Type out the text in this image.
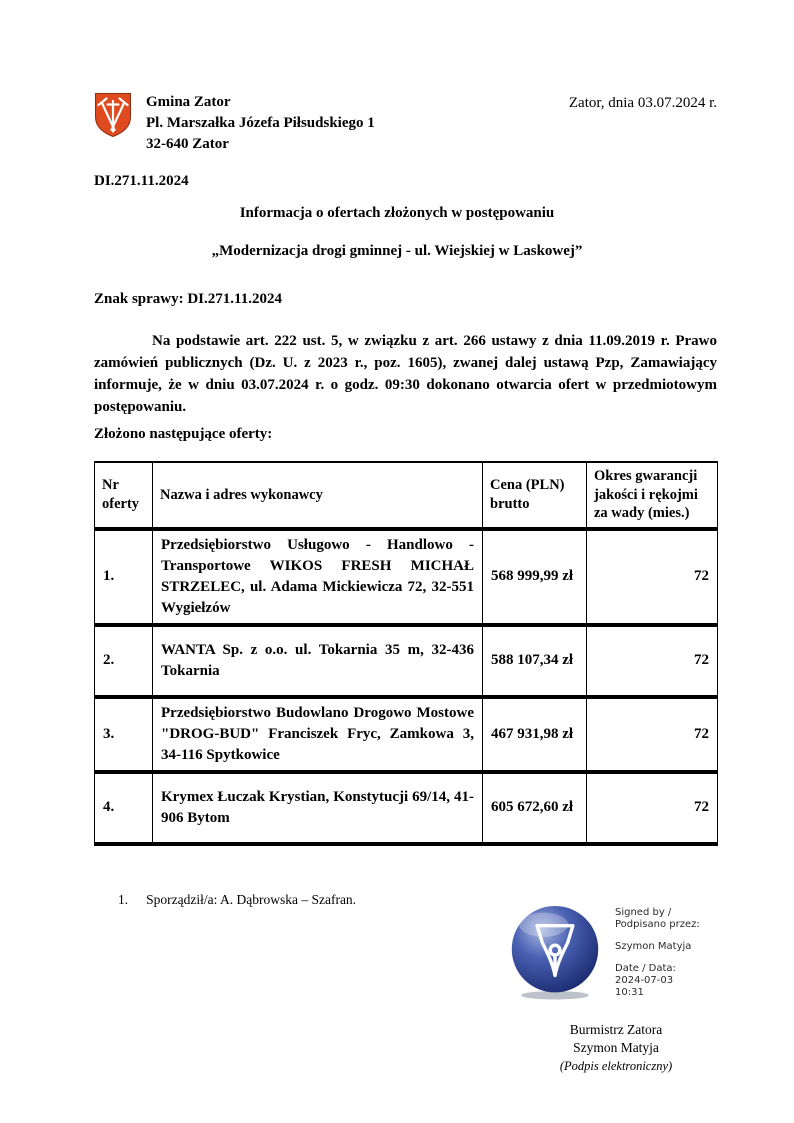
Gmina Zator
Pl. Marszałka Józefa Piłsudskiego 1
32-640 Zator
Zator, dnia 03.07.2024 r.
DI.271.11.2024
Informacja o ofertach złożonych w postępowaniu
„Modernizacja drogi gminnej - ul. Wiejskiej w Laskowej”
Znak sprawy: DI.271.11.2024
Na podstawie art. 222 ust. 5, w związku z art. 266 ustawy z dnia 11.09.2019 r. Prawo zamówień publicznych (Dz. U. z 2023 r., poz. 1605), zwanej dalej ustawą Pzp, Zamawiający informuje, że w dniu 03.07.2024 r. o godz. 09:30 dokonano otwarcia ofert w przedmiotowym postępowaniu.
Złożono następujące oferty:
Nr oferty	Nazwa i adres wykonawcy	Cena (PLN) brutto	Okres gwarancji jakości i rękojmi za wady (mies.)
1.	Przedsiębiorstwo Usługowo - Handlowo - Transportowe WIKOS FRESH MICHAŁ STRZELEC, ul. Adama Mickiewicza 72, 32-551 Wygiełzów	568 999,99 zł	72
2.	WANTA Sp. z o.o. ul. Tokarnia 35 m, 32-436 Tokarnia	588 107,34 zł	72
3.	Przedsiębiorstwo Budowlano Drogowo Mostowe "DROG-BUD" Franciszek Fryc, Zamkowa 3, 34-116 Spytkowice	467 931,98 zł	72
4.	Krymex Łuczak Krystian, Konstytucji 69/14, 41-906 Bytom	605 672,60 zł	72
1. Sporządził/a: A. Dąbrowska – Szafran.
Signed by /
Podpisano przez:
Szymon Matyja
Date / Data:
2024-07-03
10:31
Burmistrz Zatora
Szymon Matyja
(Podpis elektroniczny)
